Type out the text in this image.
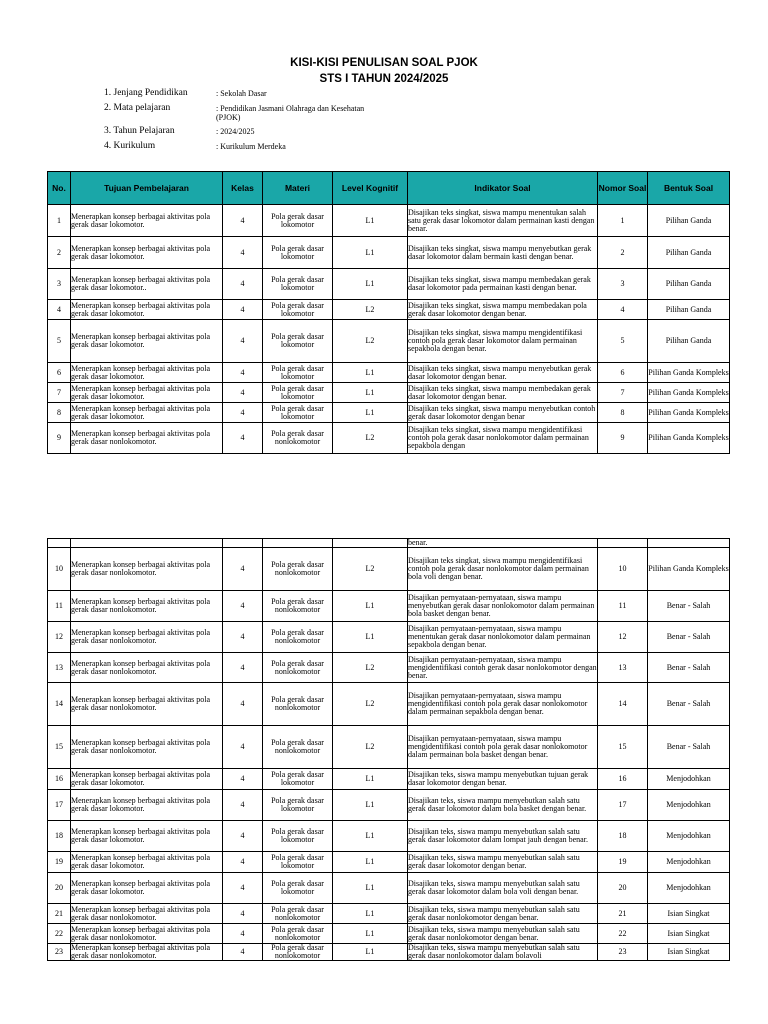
KISI-KISI PENULISAN SOAL PJOK
STS I TAHUN 2024/2025
1. Jenjang Pendidikan	: Sekolah Dasar
2. Mata pelajaran	: Pendidikan Jasmani Olahraga dan Kesehatan (PJOK)
3. Tahun Pelajaran	: 2024/2025
4. Kurikulum	: Kurikulum Merdeka
No.	Tujuan Pembelajaran	Kelas	Materi	Level Kognitif	Indikator Soal	Nomor Soal	Bentuk Soal
1	Menerapkan konsep berbagai aktivitas pola gerak dasar lokomotor.	4	Pola gerak dasar lokomotor	L1	Disajikan teks singkat, siswa mampu menentukan salah satu gerak dasar lokomotor dalam permainan kasti dengan benar.	1	Pilihan Ganda
2	Menerapkan konsep berbagai aktivitas pola gerak dasar lokomotor.	4	Pola gerak dasar lokomotor	L1	Disajikan teks singkat, siswa mampu menyebutkan gerak dasar lokomotor dalam bermain kasti dengan benar.	2	Pilihan Ganda
3	Menerapkan konsep berbagai aktivitas pola gerak dasar lokomotor..	4	Pola gerak dasar lokomotor	L1	Disajikan teks singkat, siswa mampu membedakan gerak dasar lokomotor pada permainan kasti dengan benar.	3	Pilihan Ganda
4	Menerapkan konsep berbagai aktivitas pola gerak dasar lokomotor.	4	Pola gerak dasar lokomotor	L2	Disajikan teks singkat, siswa mampu membedakan pola gerak dasar lokomotor dengan benar.	4	Pilihan Ganda
5	Menerapkan konsep berbagai aktivitas pola gerak dasar lokomotor.	4	Pola gerak dasar lokomotor	L2	Disajikan teks singkat, siswa mampu mengidentifikasi contoh pola gerak dasar lokomotor dalam permainan sepakbola dengan benar.	5	Pilihan Ganda
6	Menerapkan konsep berbagai aktivitas pola gerak dasar lokomotor.	4	Pola gerak dasar lokomotor	L1	Disajikan teks singkat, siswa mampu menyebutkan gerak dasar lokomotor dengan benar.	6	Pilihan Ganda Kompleks
7	Menerapkan konsep berbagai aktivitas pola gerak dasar lokomotor.	4	Pola gerak dasar lokomotor	L1	Disajikan teks singkat, siswa mampu membedakan gerak dasar lokomotor dengan benar.	7	Pilihan Ganda Kompleks
8	Menerapkan konsep berbagai aktivitas pola gerak dasar lokomotor.	4	Pola gerak dasar lokomotor	L1	Disajikan teks singkat, siswa mampu menyebutkan contoh gerak dasar lokomotor dengan benar	8	Pilihan Ganda Kompleks
9	Menerapkan konsep berbagai aktivitas pola gerak dasar nonlokomotor.	4	Pola gerak dasar nonlokomotor	L2	Disajikan teks singkat, siswa mampu mengidentifikasi contoh pola gerak dasar nonlokomotor dalam permainan sepakbola dengan	9	Pilihan Ganda Kompleks
					benar.		
10	Menerapkan konsep berbagai aktivitas pola gerak dasar nonlokomotor.	4	Pola gerak dasar nonlokomotor	L2	Disajikan teks singkat, siswa mampu mengidentifikasi contoh pola gerak dasar nonlokomotor dalam permainan bola voli dengan benar.	10	Pilihan Ganda Kompleks
11	Menerapkan konsep berbagai aktivitas pola gerak dasar nonlokomotor.	4	Pola gerak dasar nonlokomotor	L1	Disajikan pernyataan-pernyataan, siswa mampu menyebutkan gerak dasar nonlokomotor dalam permainan bola basket dengan benar.	11	Benar - Salah
12	Menerapkan konsep berbagai aktivitas pola gerak dasar nonlokomotor.	4	Pola gerak dasar nonlokomotor	L1	Disajikan pernyataan-pernyataan, siswa mampu menentukan gerak dasar nonlokomotor dalam permainan sepakbola dengan benar.	12	Benar - Salah
13	Menerapkan konsep berbagai aktivitas pola gerak dasar nonlokomotor.	4	Pola gerak dasar nonlokomotor	L2	Disajikan pernyataan-pernyataan, siswa mampu mengidentifikasi contoh gerak dasar nonlokomotor dengan benar.	13	Benar - Salah
14	Menerapkan konsep berbagai aktivitas pola gerak dasar nonlokomotor.	4	Pola gerak dasar nonlokomotor	L2	Disajikan pernyataan-pernyataan, siswa mampu mengidentifikasi contoh pola gerak dasar nonlokomotor dalam permainan sepakbola dengan benar.	14	Benar - Salah
15	Menerapkan konsep berbagai aktivitas pola gerak dasar nonlokomotor.	4	Pola gerak dasar nonlokomotor	L2	Disajikan pernyataan-pernyataan, siswa mampu mengidentifikasi contoh pola gerak dasar nonlokomotor dalam permainan bola basket dengan benar.	15	Benar - Salah
16	Menerapkan konsep berbagai aktivitas pola gerak dasar lokomotor.	4	Pola gerak dasar lokomotor	L1	Disajikan teks, siswa mampu menyebutkan tujuan gerak dasar lokomotor dengan benar.	16	Menjodohkan
17	Menerapkan konsep berbagai aktivitas pola gerak dasar lokomotor.	4	Pola gerak dasar lokomotor	L1	Disajikan teks, siswa mampu menyebutkan salah satu gerak dasar lokomotor dalam bola basket dengan benar.	17	Menjodohkan
18	Menerapkan konsep berbagai aktivitas pola gerak dasar lokomotor.	4	Pola gerak dasar lokomotor	L1	Disajikan teks, siswa mampu menyebutkan salah satu gerak dasar lokomotor dalam lompat jauh dengan benar.	18	Menjodohkan
19	Menerapkan konsep berbagai aktivitas pola gerak dasar lokomotor.	4	Pola gerak dasar lokomotor	L1	Disajikan teks, siswa mampu menyebutkan salah satu gerak dasar lokomotor dengan benar.	19	Menjodohkan
20	Menerapkan konsep berbagai aktivitas pola gerak dasar lokomotor.	4	Pola gerak dasar lokomotor	L1	Disajikan teks, siswa mampu menyebutkan salah satu gerak dasar lokomotor dalam bola voli dengan benar.	20	Menjodohkan
21	Menerapkan konsep berbagai aktivitas pola gerak dasar nonlokomotor.	4	Pola gerak dasar nonlokomotor	L1	Disajikan teks, siswa mampu menyebutkan salah satu gerak dasar nonlokomotor dengan benar.	21	Isian Singkat
22	Menerapkan konsep berbagai aktivitas pola gerak dasar nonlokomotor.	4	Pola gerak dasar nonlokomotor	L1	Disajikan teks, siswa mampu menyebutkan salah satu gerak dasar nonlokomotor dengan benar.	22	Isian Singkat
23	Menerapkan konsep berbagai aktivitas pola gerak dasar nonlokomotor.	4	Pola gerak dasar nonlokomotor	L1	Disajikan teks, siswa mampu menyebutkan salah satu gerak dasar nonlokomotor dalam bolavoli	23	Isian Singkat
